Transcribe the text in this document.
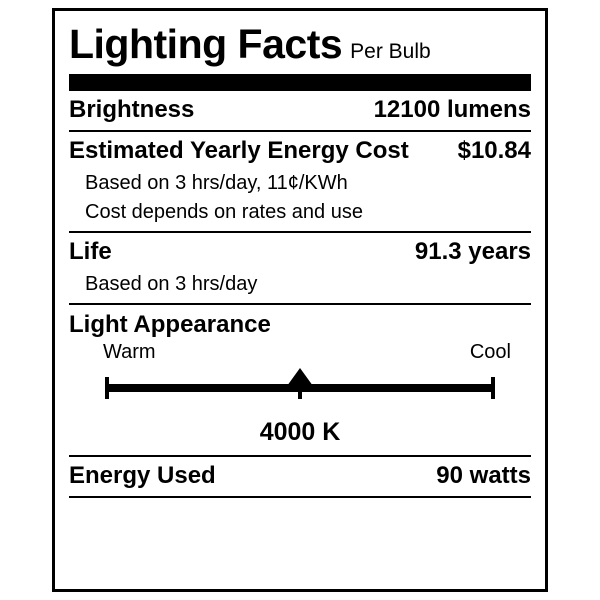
Lighting Facts Per Bulb
Brightness	12100 lumens
Estimated Yearly Energy Cost $10.84
Based on 3 hrs/day, 11¢/KWh
Cost depends on rates and use
Life	91.3 years
Based on 3 hrs/day
Light Appearance
Warm	Cool
4000 K
Energy Used	90 watts
